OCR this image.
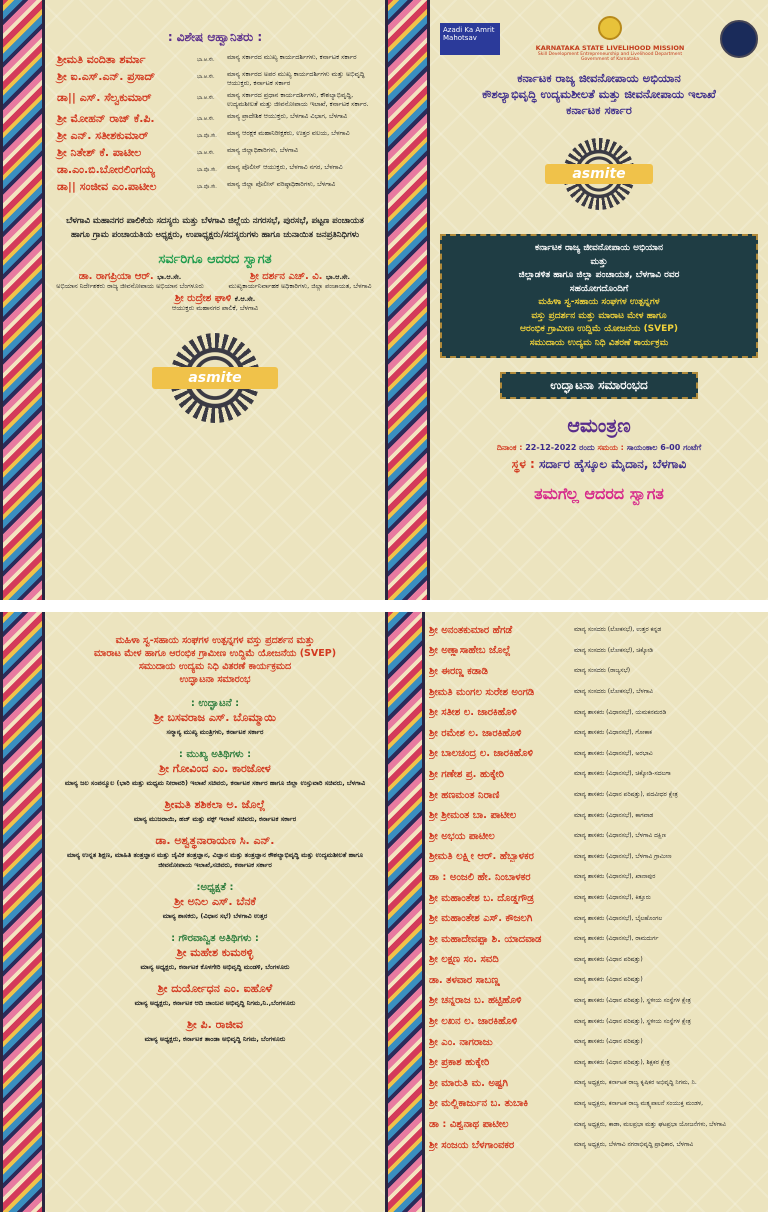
: ವಿಶೇಷ ಆಹ್ವಾನಿತರು :
ಶ್ರೀಮತಿ ವಂದಿತಾ ಶರ್ಮಾ	ಭಾ.ಆ.ಸೇ.	ಮಾನ್ಯ ಸರ್ಕಾರದ ಮುಖ್ಯ ಕಾರ್ಯದರ್ಶಿಗಳು, ಕರ್ನಾಟಕ ಸರ್ಕಾರ
ಶ್ರೀ ಐ.ಎಸ್.ಎನ್. ಪ್ರಸಾದ್	ಭಾ.ಆ.ಸೇ.	ಮಾನ್ಯ ಸರ್ಕಾರದ ಅಪರ ಮುಖ್ಯ ಕಾರ್ಯದರ್ಶಿಗಳು ಮತ್ತು ಅಭಿವೃದ್ಧಿ ಆಯುಕ್ತರು, ಕರ್ನಾಟಕ ಸರ್ಕಾರ
ಡಾ|| ಎಸ್. ಸೆಲ್ವಕುಮಾರ್	ಭಾ.ಆ.ಸೇ.	ಮಾನ್ಯ ಸರ್ಕಾರದ ಪ್ರಧಾನ ಕಾರ್ಯದರ್ಶಿಗಳು, ಕೌಶಲ್ಯಾಭಿವೃದ್ಧಿ, ಉದ್ಯಮಶೀಲತೆ ಮತ್ತು ಜೀವನೋಪಾಯ ಇಲಾಖೆ, ಕರ್ನಾಟಕ ಸರ್ಕಾರ.
ಶ್ರೀ ಮೋಹನ್ ರಾಜ್ ಕೆ.ಪಿ.	ಭಾ.ಆ.ಸೇ.	ಮಾನ್ಯ ಪ್ರಾದೇಶಿಕ ಆಯುಕ್ತರು, ಬೆಳಗಾವಿ ವಿಭಾಗ, ಬೆಳಗಾವಿ
ಶ್ರೀ ಎನ್. ಸತೀಶಕುಮಾರ್	ಭಾ.ಪೊ.ಸೇ.	ಮಾನ್ಯ ಆರಕ್ಷಕ ಮಹಾನಿರೀಕ್ಷಕರು, ಉತ್ತರ ವಲಯ, ಬೆಳಗಾವಿ
ಶ್ರೀ ನಿತೇಶ್ ಕೆ. ಪಾಟೀಲ	ಭಾ.ಆ.ಸೇ.	ಮಾನ್ಯ ಜಿಲ್ಲಾಧಿಕಾರಿಗಳು, ಬೆಳಗಾವಿ
ಡಾ.ಎಂ.ಬಿ.ಬೋರಲಿಂಗಯ್ಯ	ಭಾ.ಪೊ.ಸೇ.	ಮಾನ್ಯ ಪೊಲೀಸ್ ಆಯುಕ್ತರು, ಬೆಳಗಾವಿ ನಗರ, ಬೆಳಗಾವಿ
ಡಾ|| ಸಂಜೀವ ಎಂ.ಪಾಟೀಲ	ಭಾ.ಪೊ.ಸೇ.	ಮಾನ್ಯ ಜಿಲ್ಲಾ ಪೊಲೀಸ್ ವರಿಷ್ಠಾಧಿಕಾರಿಗಳು, ಬೆಳಗಾವಿ
ಬೆಳಗಾವಿ ಮಹಾನಗರ ಪಾಲಿಕೆಯ ಸದಸ್ಯರು ಮತ್ತು ಬೆಳಗಾವಿ ಜಿಲ್ಲೆಯ ನಗರಸಭೆ, ಪುರಸಭೆ, ಪಟ್ಟಣ ಪಂಚಾಯತ ಹಾಗೂ ಗ್ರಾಮ ಪಂಚಾಯತಿಯ ಅಧ್ಯಕ್ಷರು, ಉಪಾಧ್ಯಕ್ಷರು/ಸದಸ್ಯರುಗಳು ಹಾಗೂ ಚುನಾಯಿತ ಜನಪ್ರತಿನಿಧಿಗಳು
ಸರ್ವರಿಗೂ ಆದರದ ಸ್ವಾಗತ
ಡಾ. ರಾಗಪ್ರಿಯಾ ಆರ್. ಭಾ.ಆ.ಸೇ.
ಅಭಿಯಾನ ನಿರ್ದೇಶಕರು ರಾಜ್ಯ ಜೀವನೋಪಾಯ ಅಭಿಯಾನ ಬೆಂಗಳೂರು
ಶ್ರೀ ದರ್ಶನ ಎಚ್. ವಿ. ಭಾ.ಆ.ಸೇ.
ಮುಖ್ಯಕಾರ್ಯನಿರ್ವಾಹಕ ಅಧಿಕಾರಿಗಳು, ಜಿಲ್ಲಾ ಪಂಚಾಯತ, ಬೆಳಗಾವಿ
ಶ್ರೀ ರುದ್ರೇಶ ಘಾಳಿ ಕೆ.ಆ.ಸೇ.
ಆಯುಕ್ತರು ಮಹಾನಗರ ಪಾಲಿಕೆ, ಬೆಳಗಾವಿ
asmite
Azadi Ka Amrit Mahotsav
KARNATAKA STATE LIVELIHOOD MISSION
Skill Development Entrepreneurship and Livelihood Department
Government of Karnataka
ಕರ್ನಾಟಕ ರಾಜ್ಯ ಜೀವನೋಪಾಯ ಅಭಿಯಾನ
ಕೌಶಲ್ಯಾಭಿವೃದ್ಧಿ ಉದ್ಯಮಶೀಲತೆ ಮತ್ತು ಜೀವನೋಪಾಯ ಇಲಾಖೆ
ಕರ್ನಾಟಕ ಸರ್ಕಾರ
asmite
ಕರ್ನಾಟಕ ರಾಜ್ಯ ಜೀವನೋಪಾಯ ಅಭಿಯಾನ
ಮತ್ತು
ಜಿಲ್ಲಾಡಳಿತ ಹಾಗೂ ಜಿಲ್ಲಾ ಪಂಚಾಯತ, ಬೆಳಗಾವಿ ರವರ
ಸಹಯೋಗದೊಂದಿಗೆ
ಮಹಿಳಾ ಸ್ವ-ಸಹಾಯ ಸಂಘಗಳ ಉತ್ಪನ್ನಗಳ
ವಸ್ತು ಪ್ರದರ್ಶನ ಮತ್ತು ಮಾರಾಟ ಮೇಳ ಹಾಗೂ
ಆರಂಭಿಕ ಗ್ರಾಮೀಣ ಉದ್ದಿಮೆ ಯೋಜನೆಯ (SVEP)
ಸಮುದಾಯ ಉದ್ಯಮ ನಿಧಿ ವಿತರಣೆ ಕಾರ್ಯಕ್ರಮ
ಉದ್ಘಾಟನಾ ಸಮಾರಂಭದ
ಆಮಂತ್ರಣ
ದಿನಾಂಕ : 22-12-2022 ರಂದು ಸಮಯ : ಸಾಯಂಕಾಲ 6-00 ಗಂಟೆಗೆ
ಸ್ಥಳ : ಸರ್ದಾರ ಹೈಸ್ಕೂಲ ಮೈದಾನ, ಬೆಳಗಾವಿ
ತಮಗೆಲ್ಲ ಆದರದ ಸ್ವಾಗತ
ಮಹಿಳಾ ಸ್ವ-ಸಹಾಯ ಸಂಘಗಳ ಉತ್ಪನ್ನಗಳ ವಸ್ತು ಪ್ರದರ್ಶನ ಮತ್ತು
ಮಾರಾಟ ಮೇಳ ಹಾಗೂ ಆರಂಭಿಕ ಗ್ರಾಮೀಣ ಉದ್ದಿಮೆ ಯೋಜನೆಯ (SVEP)
ಸಮುದಾಯ ಉದ್ಯಮ ನಿಧಿ ವಿತರಣೆ ಕಾರ್ಯಕ್ರಮದ
ಉದ್ಘಾಟನಾ ಸಮಾರಂಭ
: ಉದ್ಘಾಟನೆ :
ಶ್ರೀ ಬಸವರಾಜ ಎಸ್. ಬೊಮ್ಮಾಯಿ
ಸನ್ಮಾನ್ಯ ಮುಖ್ಯ ಮಂತ್ರಿಗಳು, ಕರ್ನಾಟಕ ಸರ್ಕಾರ
: ಮುಖ್ಯ ಅತಿಥಿಗಳು :
ಶ್ರೀ ಗೋವಿಂದ ಎಂ. ಕಾರಜೋಳ
ಮಾನ್ಯ ಜಲ ಸಂಪನ್ಮೂಲ (ಭಾರಿ ಮತ್ತು ಮಧ್ಯಮ ನೀರಾವರಿ) ಇಲಾಖೆ ಸಚಿವರು, ಕರ್ನಾಟಕ ಸರ್ಕಾರ ಹಾಗೂ ಜಿಲ್ಲಾ ಉಸ್ತುವಾರಿ ಸಚಿವರು, ಬೆಳಗಾವಿ
ಶ್ರೀಮತಿ ಶಶಿಕಲಾ ಅ. ಜೊಲ್ಲೆ
ಮಾನ್ಯ ಮುಜರಾಯಿ, ಹಜ್ ಮತ್ತು ವಕ್ಫ್ ಇಲಾಖೆ ಸಚಿವರು, ಕರ್ನಾಟಕ ಸರ್ಕಾರ
ಡಾ. ಅಶ್ವತ್ಥನಾರಾಯಣ ಸಿ. ಎನ್.
ಮಾನ್ಯ ಉನ್ನತ ಶಿಕ್ಷಣ, ಮಾಹಿತಿ ತಂತ್ರಜ್ಞಾನ ಮತ್ತು ಜೈವಿಕ ತಂತ್ರಜ್ಞಾನ, ವಿಜ್ಞಾನ ಮತ್ತು ತಂತ್ರಜ್ಞಾನ ಕೌಶಲ್ಯಾಭಿವೃದ್ಧಿ ಮತ್ತು ಉದ್ಯಮಶೀಲತೆ ಹಾಗೂ ಜೀವನೋಪಾಯ ಇಲಾಖೆ,ಸಚಿವರು, ಕರ್ನಾಟಕ ಸರ್ಕಾರ
:ಅಧ್ಯಕ್ಷತೆ :
ಶ್ರೀ ಅನಿಲ ಎಸ್. ಬೆನಕೆ
ಮಾನ್ಯ ಶಾಸಕರು, (ವಿಧಾನ ಸಭೆ) ಬೆಳಗಾವಿ ಉತ್ತರ
: ಗೌರವಾನ್ವಿತ ಅತಿಥಿಗಳು :
ಶ್ರೀ ಮಹೇಶ ಕುಮಠಳ್ಳಿ
ಮಾನ್ಯ ಅಧ್ಯಕ್ಷರು, ಕರ್ನಾಟಕ ಕೊಳಗೇರಿ ಅಭಿವೃದ್ಧಿ ಮಂಡಳಿ, ಬೆಂಗಳೂರು
ಶ್ರೀ ದುರ್ಯೋಧನ ಎಂ. ಐಹೊಳೆ
ಮಾನ್ಯ ಅಧ್ಯಕ್ಷರು, ಕರ್ನಾಟಕ ಆದಿ ಜಾಂಬವ ಅಭಿವೃದ್ಧಿ ನಿಗಮ,ನಿ.,ಬೆಂಗಳೂರು
ಶ್ರೀ ಪಿ. ರಾಜೀವ
ಮಾನ್ಯ ಅಧ್ಯಕ್ಷರು, ಕರ್ನಾಟಕ ತಾಂಡಾ ಅಭಿವೃದ್ಧಿ ನಿಗಮ, ಬೆಂಗಳೂರು
ಶ್ರೀ ಅನಂತಕುಮಾರ ಹೆಗಡೆ	ಮಾನ್ಯ ಸಂಸದರು (ಲೋಕಸಭೆ), ಉತ್ತರ ಕನ್ನಡ
ಶ್ರೀ ಅಣ್ಣಾಸಾಹೇಬ ಜೊಲ್ಲೆ	ಮಾನ್ಯ ಸಂಸದರು (ಲೋಕಸಭೆ), ಚಿಕ್ಕೋಡಿ
ಶ್ರೀ ಈರಣ್ಣ ಕಡಾಡಿ	ಮಾನ್ಯ ಸಂಸದರು (ರಾಜ್ಯಸಭೆ)
ಶ್ರೀಮತಿ ಮಂಗಲ ಸುರೇಶ ಅಂಗಡಿ	ಮಾನ್ಯ ಸಂಸದರು (ಲೋಕಸಭೆ), ಬೆಳಗಾವಿ
ಶ್ರೀ ಸತೀಶ ಲ. ಜಾರಕಿಹೊಳಿ	ಮಾನ್ಯ ಶಾಸಕರು (ವಿಧಾನಸಭೆ), ಯಮಕನಮರಡಿ
ಶ್ರೀ ರಮೇಶ ಲ. ಜಾರಕಿಹೊಳಿ	ಮಾನ್ಯ ಶಾಸಕರು (ವಿಧಾನಸಭೆ), ಗೋಕಾಕ
ಶ್ರೀ ಬಾಲಚಂದ್ರ ಲ. ಜಾರಕಿಹೊಳಿ	ಮಾನ್ಯ ಶಾಸಕರು (ವಿಧಾನಸಭೆ), ಅರಭಾವಿ
ಶ್ರೀ ಗಣೇಶ ಪ್ರ. ಹುಕ್ಕೇರಿ	ಮಾನ್ಯ ಶಾಸಕರು (ವಿಧಾನಸಭೆ), ಚಿಕ್ಕೋಡಿ-ಸದಲಗಾ
ಶ್ರೀ ಹಣಮಂತ ನಿರಾಣಿ	ಮಾನ್ಯ ಶಾಸಕರು (ವಿಧಾನ ಪರಿಷತ್ತು), ಪದವೀಧರ ಕ್ಷೇತ್ರ
ಶ್ರೀ ಶ್ರೀಮಂತ ಬಾ. ಪಾಟೀಲ	ಮಾನ್ಯ ಶಾಸಕರು (ವಿಧಾನಸಭೆ), ಕಾಗವಾಡ
ಶ್ರೀ ಅಭಯ ಪಾಟೀಲ	ಮಾನ್ಯ ಶಾಸಕರು (ವಿಧಾನಸಭೆ), ಬೆಳಗಾವಿ ದಕ್ಷಿಣ
ಶ್ರೀಮತಿ ಲಕ್ಷ್ಮೀ ಆರ್. ಹೆಬ್ಬಾಳಕರ	ಮಾನ್ಯ ಶಾಸಕರು (ವಿಧಾನಸಭೆ), ಬೆಳಗಾವಿ ಗ್ರಾಮೀಣ
ಡಾ : ಅಂಜಲಿ ಹೇ. ನಿಂಬಾಳಕರ	ಮಾನ್ಯ ಶಾಸಕರು (ವಿಧಾನಸಭೆ), ಖಾನಾಪುರ
ಶ್ರೀ ಮಹಾಂತೇಶ ಬ. ದೊಡ್ಡಗೌಡ್ರ	ಮಾನ್ಯ ಶಾಸಕರು (ವಿಧಾನಸಭೆ), ಕಿತ್ತೂರು
ಶ್ರೀ ಮಹಾಂತೇಶ ಎಸ್. ಕೌಜಲಗಿ	ಮಾನ್ಯ ಶಾಸಕರು (ವಿಧಾನಸಭೆ), ಬೈಲಹೊಂಗಲ
ಶ್ರೀ ಮಹಾದೇವಪ್ಪಾ ಶಿ. ಯಾದವಾಡ	ಮಾನ್ಯ ಶಾಸಕರು (ವಿಧಾನಸಭೆ), ರಾಮದುರ್ಗ
ಶ್ರೀ ಲಕ್ಷ್ಮಣ ಸಂ. ಸವದಿ	ಮಾನ್ಯ ಶಾಸಕರು (ವಿಧಾನ ಪರಿಷತ್ತು)
ಡಾ. ತಳವಾರ ಸಾಬಣ್ಣ	ಮಾನ್ಯ ಶಾಸಕರು (ವಿಧಾನ ಪರಿಷತ್ತು)
ಶ್ರೀ ಚನ್ನರಾಜ ಬ. ಹಟ್ಟಿಹೊಳಿ	ಮಾನ್ಯ ಶಾಸಕರು (ವಿಧಾನ ಪರಿಷತ್ತು), ಸ್ಥಳೀಯ ಸಂಸ್ಥೆಗಳ ಕ್ಷೇತ್ರ
ಶ್ರೀ ಲಖನ ಲ. ಜಾರಕಿಹೊಳಿ	ಮಾನ್ಯ ಶಾಸಕರು (ವಿಧಾನ ಪರಿಷತ್ತು), ಸ್ಥಳೀಯ ಸಂಸ್ಥೆಗಳ ಕ್ಷೇತ್ರ
ಶ್ರೀ ಎಂ. ನಾಗರಾಜು	ಮಾನ್ಯ ಶಾಸಕರು (ವಿಧಾನ ಪರಿಷತ್ತು)
ಶ್ರೀ ಪ್ರಕಾಶ ಹುಕ್ಕೇರಿ	ಮಾನ್ಯ ಶಾಸಕರು (ವಿಧಾನ ಪರಿಷತ್ತು), ಶಿಕ್ಷಕರ ಕ್ಷೇತ್ರ
ಶ್ರೀ ಮಾರುತಿ ಮ. ಅಷ್ಟಗಿ	ಮಾನ್ಯ ಅಧ್ಯಕ್ಷರು, ಕರ್ನಾಟಕ ರಾಜ್ಯ ಕೃಷಿಕರ ಅಭಿವೃದ್ಧಿ ನಿಗಮ, ನಿ.
ಶ್ರೀ ಮಲ್ಲಿಕಾರ್ಜುನ ಬ. ತುಬಾಕಿ	ಮಾನ್ಯ ಅಧ್ಯಕ್ಷರು, ಕರ್ನಾಟಕ ರಾಜ್ಯ ಮತ್ಸ್ಯಪಾಲನೆ ಸಂಯುಕ್ತ ಮಂಡಳ,
ಡಾ : ವಿಶ್ವನಾಥ ಪಾಟೀಲ	ಮಾನ್ಯ ಅಧ್ಯಕ್ಷರು, ಕಾಡಾ, ಮಲಪ್ರಭಾ ಮತ್ತು ಘಟಪ್ರಭಾ ಯೋಜನೆಗಳು, ಬೆಳಗಾವಿ
ಶ್ರೀ ಸಂಜಯ ಬೆಳಗಾಂವಕರ	ಮಾನ್ಯ ಅಧ್ಯಕ್ಷರು, ಬೆಳಗಾವಿ ನಗರಾಭಿವೃದ್ಧಿ ಪ್ರಾಧಿಕಾರ, ಬೆಳಗಾವಿ
